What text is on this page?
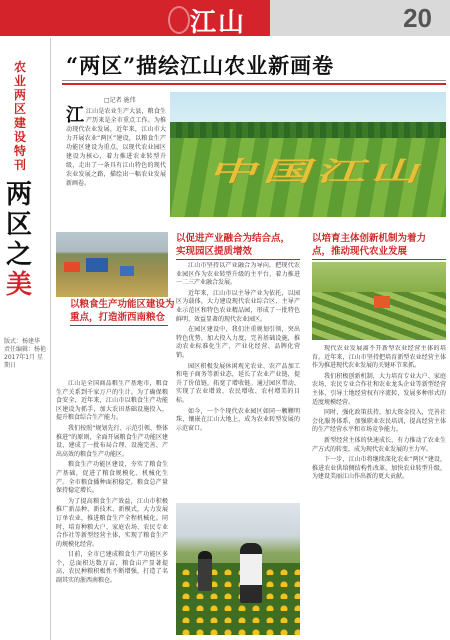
江山	20
农业两区建设特刊
两
区
之
美
版式：杨建华 责任编辑：杨艳 2017年1月 星期日
“两区”描绘江山农业新画卷
□记者 施伟
江江山是农业生产大县，粮食生产历来是全市重点工作。为推动现代农业发展，近年来，江山市大力开展农业“两区”建设，以粮食生产功能区建设为重点，以现代农业园区建设为核心，着力推进农业转型升级，走出了一条具有江山特色的现代农业发展之路，描绘出一幅农业发展新画卷。	中国江山
以粮食生产功能区建设为重点，打造浙西南粮仓
以促进产业融合为结合点，实现园区提质增效
以培育主体创新机制为着力点，推动现代农业发展

江山是全国商品粮生产基地市，粮食生产关系到千家万户的生计。为了确保粮食安全，近年来，江山市以粮食生产功能区建设为抓手，加大农田基础设施投入，提升粮食综合生产能力。

我们按照“规划先行、示范引领、整体推进”的原则，全面开展粮食生产功能区建设，建成了一批布局合理、设施完善、产出高效的粮食生产功能区。

粮食生产功能区建设，夯实了粮食生产基础，促进了粮食规模化、机械化生产。全市粮食播种面积稳定，粮食总产量保持稳定增长。

为了提高粮食生产效益，江山市积极推广新品种、新技术、新模式，大力发展订单农业，推进粮食生产全程机械化。同时，培育种粮大户、家庭农场、农民专业合作社等新型经营主体，实现了粮食生产的规模化经营。

目前，全市已建成粮食生产功能区多个，总面积达数万亩，粮食亩产显著提高，农民种粮积极性不断增强，打造了名副其实的浙西南粮仓。

江山市坚持以产业融合为导向，把现代农业园区作为农业转型升级的主平台，着力推进一二三产业融合发展。

近年来，江山市以主导产业为依托，以园区为载体，大力建设现代农业综合区、主导产业示范区和特色农业精品园，形成了一批特色鲜明、效益显著的现代农业园区。

在园区建设中，我们注重规划引领，突出特色优势，加大投入力度，完善基础设施，推动农业标准化生产、产业化经营、品牌化营销。

园区积极发展休闲观光农业、农产品加工和电子商务等新业态，延长了农业产业链，提升了价值链，拓宽了增收链。通过园区带动，实现了农业增效、农民增收、农村增美的目标。

如今，一个个现代农业园区如同一颗颗明珠，镶嵌在江山大地上，成为农业转型发展的示范窗口。

现代农业发展离不开新型农业经营主体的培育。近年来，江山市坚持把培育新型农业经营主体作为推进现代农业发展的关键环节来抓。

我们积极创新机制，大力培育专业大户、家庭农场、农民专业合作社和农业龙头企业等新型经营主体，引导土地经营权有序流转，发展多种形式的适度规模经营。

同时，强化政策扶持，加大资金投入，完善社会化服务体系，加强职业农民培训，提高经营主体的生产经营水平和市场竞争能力。

新型经营主体的快速成长，有力推动了农业生产方式的转变，成为现代农业发展的主力军。

下一步，江山市将继续深化农业“两区”建设，推进农业供给侧结构性改革，加快农业转型升级，为建设美丽江山作出新的更大贡献。
